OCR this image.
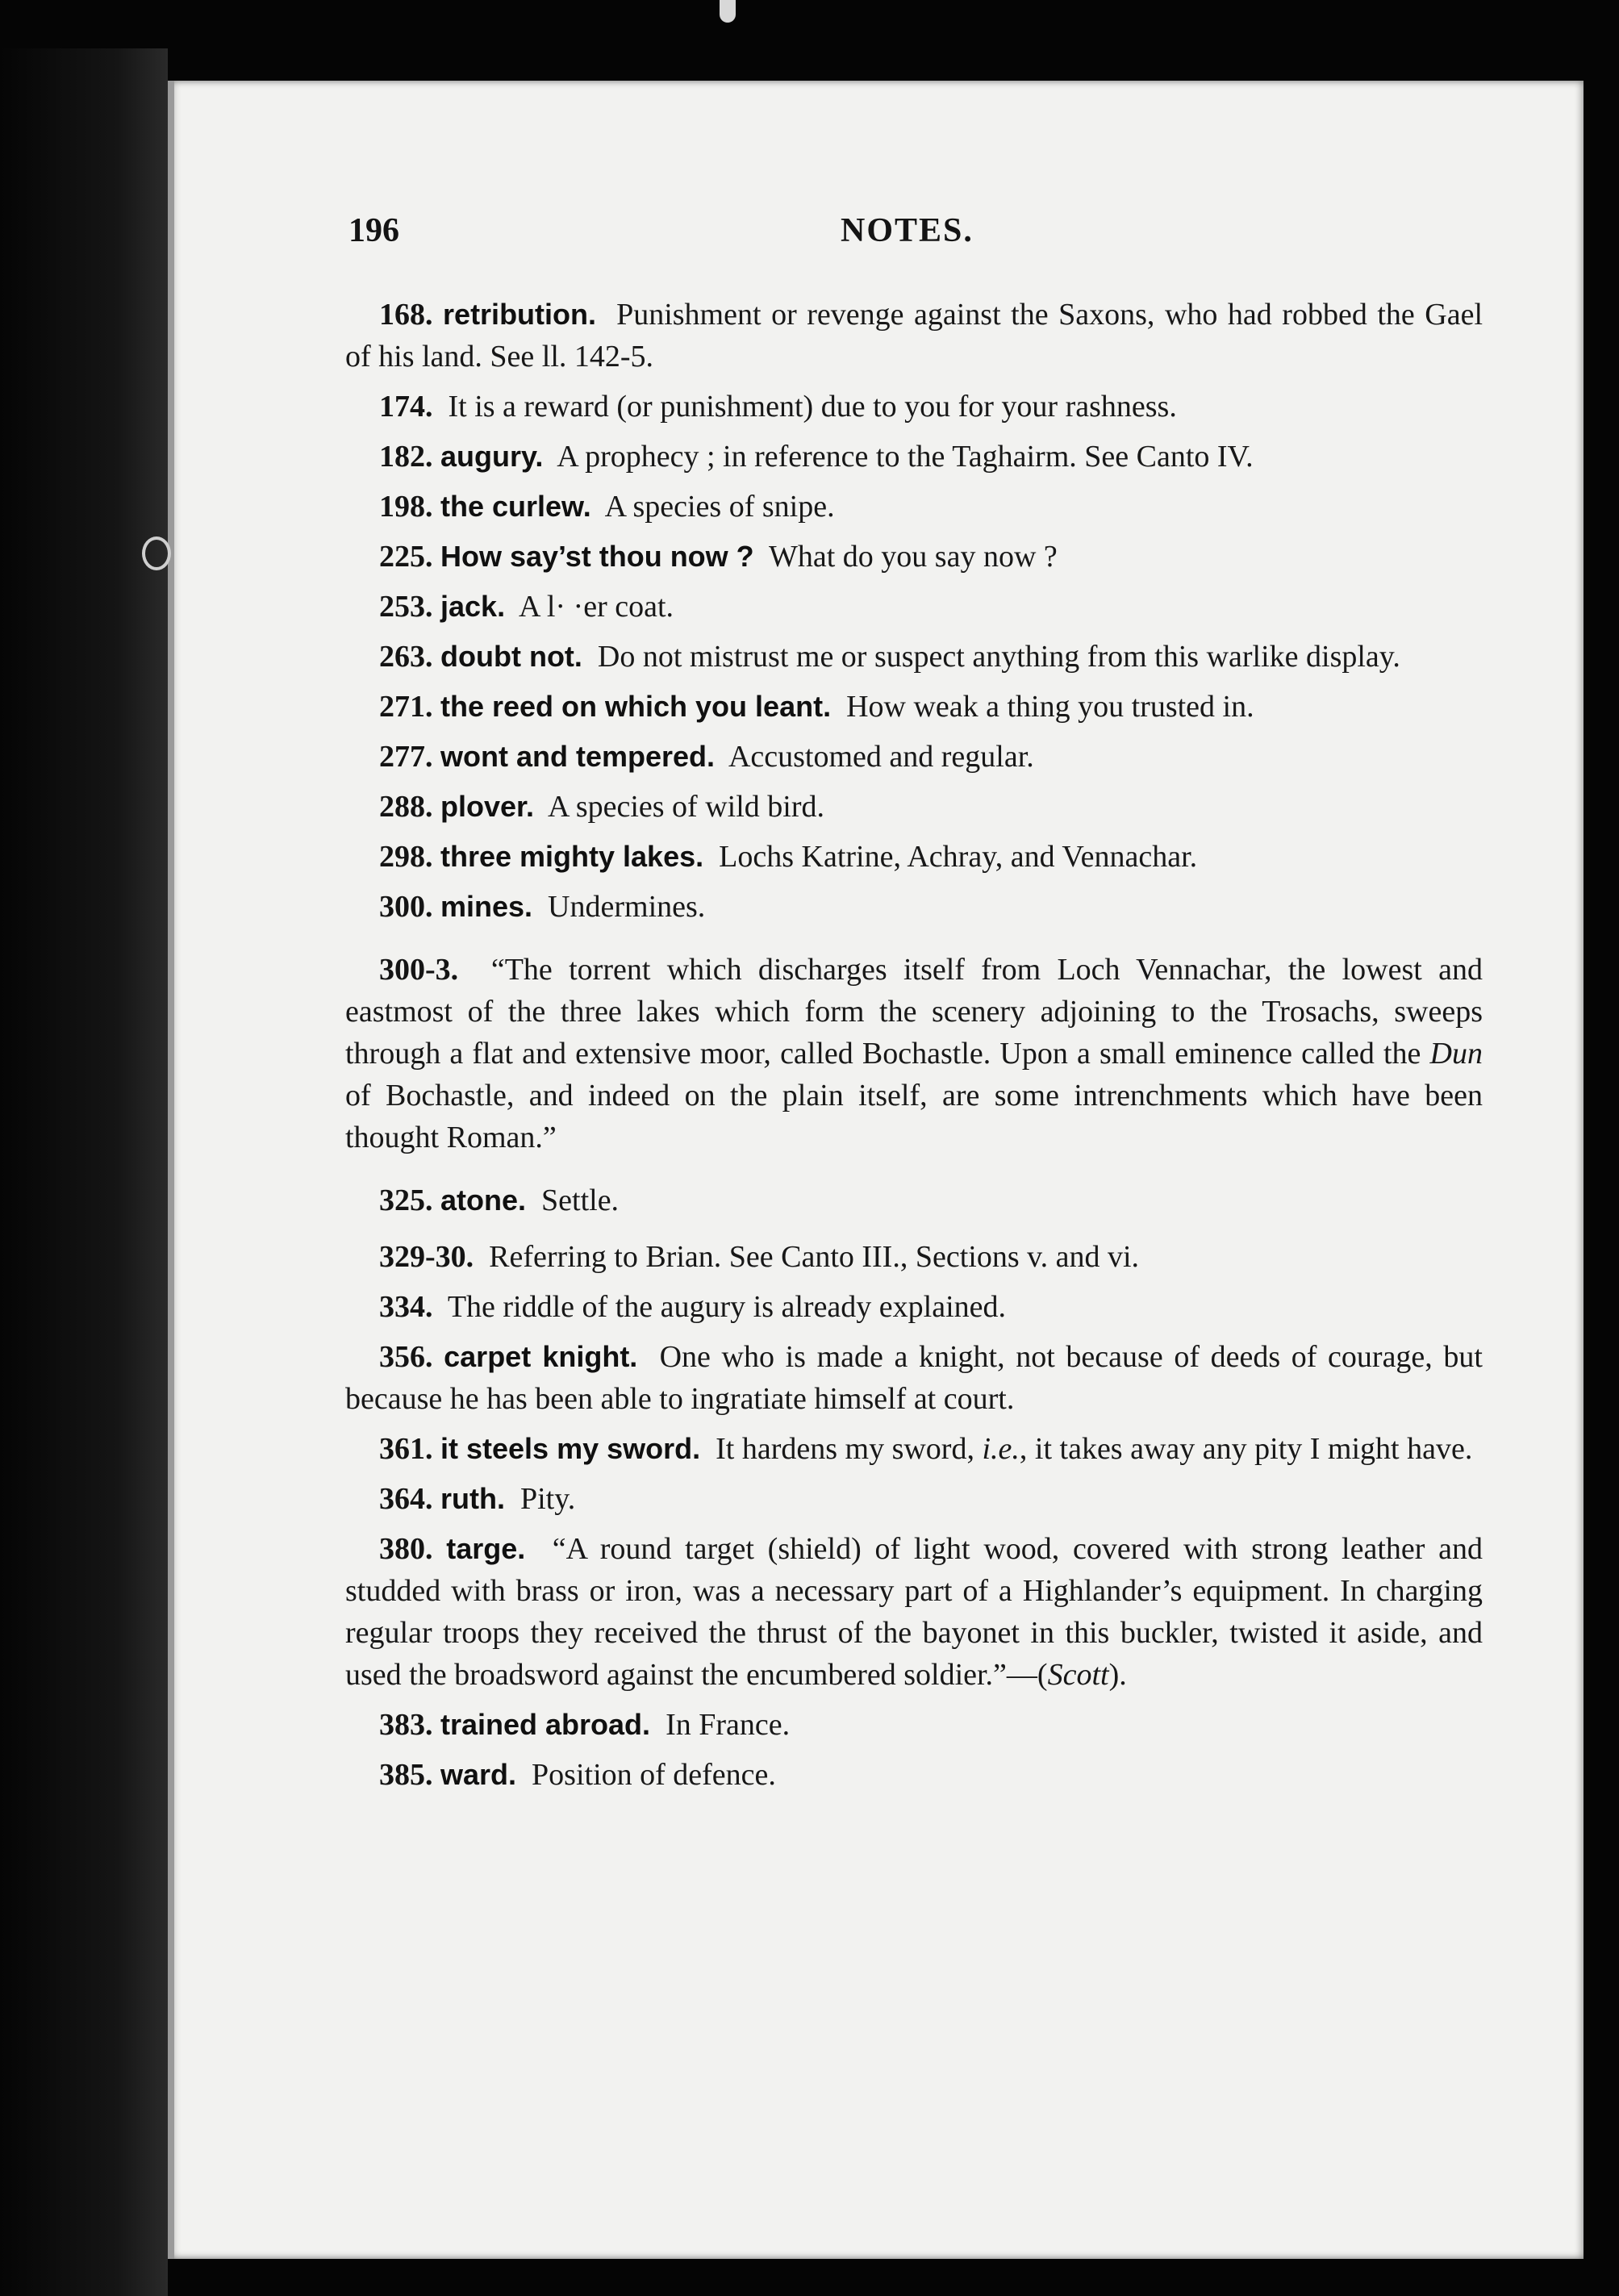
196	NOTES.

168. retribution. Punishment or revenge against the Saxons, who had robbed the Gael of his land. See ll. 142-5.

174. It is a reward (or punishment) due to you for your rashness.

182. augury. A prophecy ; in reference to the Taghairm. See Canto IV.

198. the curlew. A species of snipe.

225. How say’st thou now ? What do you say now ?

253. jack. A l· ·er coat.

263. doubt not. Do not mistrust me or suspect anything from this warlike display.

271. the reed on which you leant. How weak a thing you trusted in.

277. wont and tempered. Accustomed and regular.

288. plover. A species of wild bird.

298. three mighty lakes. Lochs Katrine, Achray, and Vennachar.

300. mines. Undermines.

300-3. “The torrent which discharges itself from Loch Vennachar, the lowest and eastmost of the three lakes which form the scenery adjoining to the Trosachs, sweeps through a flat and extensive moor, called Bochastle. Upon a small eminence called the Dun of Bochastle, and indeed on the plain itself, are some intrenchments which have been thought Roman.”

325. atone. Settle.

329-30. Referring to Brian. See Canto III., Sections v. and vi.

334. The riddle of the augury is already explained.

356. carpet knight. One who is made a knight, not because of deeds of courage, but because he has been able to ingratiate himself at court.

361. it steels my sword. It hardens my sword, i.e., it takes away any pity I might have.

364. ruth. Pity.

380. targe. “A round target (shield) of light wood, covered with strong leather and studded with brass or iron, was a necessary part of a Highlander’s equipment. In charging regular troops they received the thrust of the bayonet in this buckler, twisted it aside, and used the broadsword against the encumbered soldier.”—(Scott).

383. trained abroad. In France.

385. ward. Position of defence.
